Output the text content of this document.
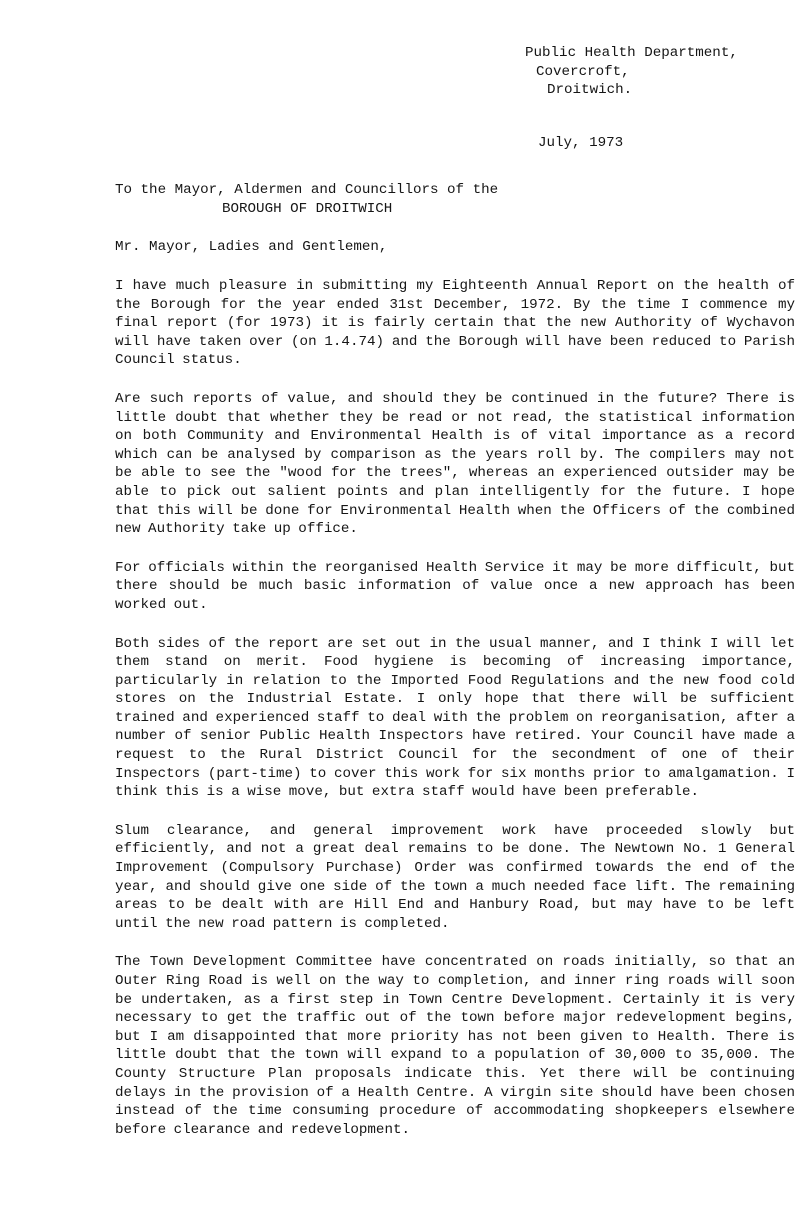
Public Health Department,
Covercroft,
Droitwich.
July, 1973
To the Mayor, Aldermen and Councillors of the
BOROUGH OF DROITWICH
Mr. Mayor, Ladies and Gentlemen,

I have much pleasure in submitting my Eighteenth Annual Report on the health of the Borough for the year ended 31st December, 1972. By the time I commence my final report (for 1973) it is fairly certain that the new Authority of Wychavon will have taken over (on 1.4.74) and the Borough will have been reduced to Parish Council status.

Are such reports of value, and should they be continued in the future? There is little doubt that whether they be read or not read, the statistical information on both Community and Environmental Health is of vital importance as a record which can be analysed by comparison as the years roll by. The compilers may not be able to see the "wood for the trees", whereas an experienced outsider may be able to pick out salient points and plan intelligently for the future. I hope that this will be done for Environmental Health when the Officers of the combined new Authority take up office.

For officials within the reorganised Health Service it may be more difficult, but there should be much basic information of value once a new approach has been worked out.

Both sides of the report are set out in the usual manner, and I think I will let them stand on merit. Food hygiene is becoming of increasing importance, particularly in relation to the Imported Food Regulations and the new food cold stores on the Industrial Estate. I only hope that there will be sufficient trained and experienced staff to deal with the problem on reorganisation, after a number of senior Public Health Inspectors have retired. Your Council have made a request to the Rural District Council for the secondment of one of their Inspectors (part-time) to cover this work for six months prior to amalgamation. I think this is a wise move, but extra staff would have been preferable.

Slum clearance, and general improvement work have proceeded slowly but efficiently, and not a great deal remains to be done. The Newtown No. 1 General Improvement (Compulsory Purchase) Order was confirmed towards the end of the year, and should give one side of the town a much needed face lift. The remaining areas to be dealt with are Hill End and Hanbury Road, but may have to be left until the new road pattern is completed.

The Town Development Committee have concentrated on roads initially, so that an Outer Ring Road is well on the way to completion, and inner ring roads will soon be undertaken, as a first step in Town Centre Development. Certainly it is very necessary to get the traffic out of the town before major redevelopment begins, but I am disappointed that more priority has not been given to Health. There is little doubt that the town will expand to a population of 30,000 to 35,000. The County Structure Plan proposals indicate this. Yet there will be continuing delays in the provision of a Health Centre. A virgin site should have been chosen instead of the time consuming procedure of accommodating shopkeepers elsewhere before clearance and redevelopment.
